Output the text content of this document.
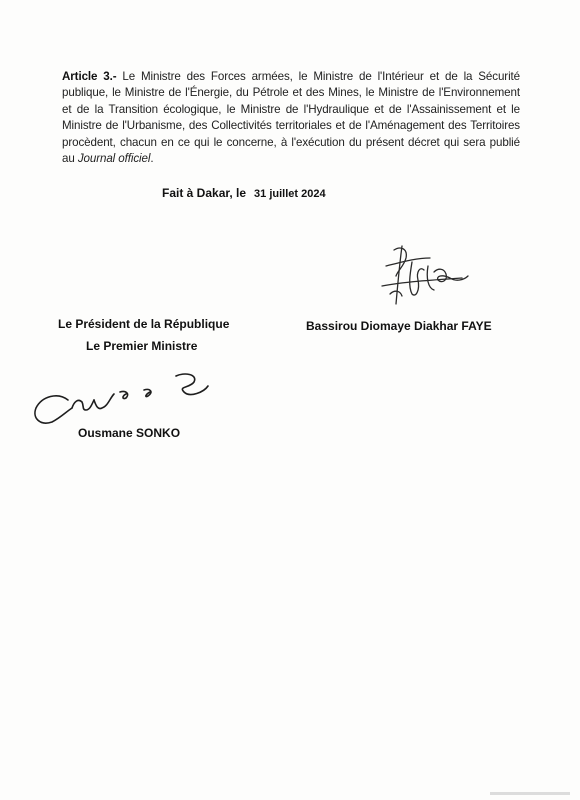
Article 3.- Le Ministre des Forces armées, le Ministre de l'Intérieur et de la Sécurité publique, le Ministre de l'Énergie, du Pétrole et des Mines, le Ministre de l'Environnement et de la Transition écologique, le Ministre de l'Hydraulique et de l'Assainissement et le Ministre de l'Urbanisme, des Collectivités territoriales et de l'Aménagement des Territoires procèdent, chacun en ce qui le concerne, à l'exécution du présent décret qui sera publié au Journal officiel.

Fait à Dakar, le 31 juillet 2024
Le Président de la République	Bassirou Diomaye Diakhar FAYE
Le Premier Ministre
Ousmane SONKO
